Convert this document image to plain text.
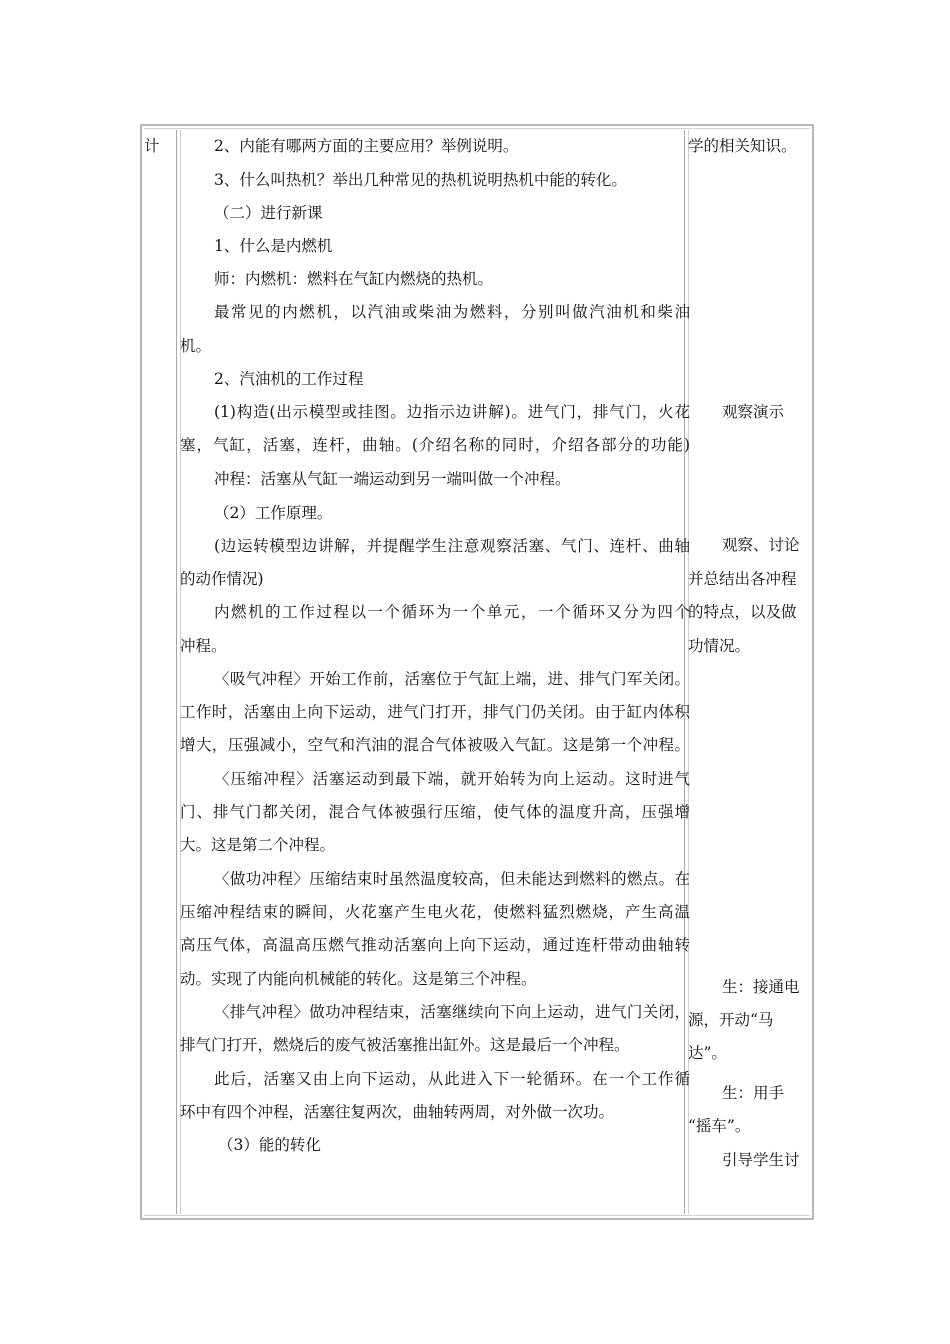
计	2、内能有哪两方面的主要应用？举例说明。
3、什么叫热机？举出几种常见的热机说明热机中能的转化。
（二）进行新课
1、什么是内燃机
师：内燃机：燃料在气缸内燃烧的热机。
最常见的内燃机，以汽油或柴油为燃料，分别叫做汽油机和柴油
机。
2、汽油机的工作过程
(1)构造(出示模型或挂图。边指示边讲解)。进气门，排气门，火花
塞，气缸，活塞，连杆，曲轴。(介绍名称的同时，介绍各部分的功能)
冲程：活塞从气缸一端运动到另一端叫做一个冲程。
（2）工作原理。
(边运转模型边讲解，并提醒学生注意观察活塞、气门、连杆、曲轴
的动作情况)
内燃机的工作过程以一个循环为一个单元，一个循环又分为四个
冲程。
〈吸气冲程〉开始工作前，活塞位于气缸上端，进、排气门军关闭。
工作时，活塞由上向下运动，进气门打开，排气门仍关闭。由于缸内体积
增大，压强减小，空气和汽油的混合气体被吸入气缸。这是第一个冲程。
〈压缩冲程〉活塞运动到最下端，就开始转为向上运动。这时进气
门、排气门都关闭，混合气体被强行压缩，使气体的温度升高，压强增
大。这是第二个冲程。
〈做功冲程〉压缩结束时虽然温度较高，但未能达到燃料的燃点。在
压缩冲程结束的瞬间，火花塞产生电火花，使燃料猛烈燃烧，产生高温
高压气体，高温高压燃气推动活塞向上向下运动，通过连杆带动曲轴转
动。实现了内能向机械能的转化。这是第三个冲程。
〈排气冲程〉做功冲程结束，活塞继续向下向上运动，进气门关闭，
排气门打开，燃烧后的废气被活塞推出缸外。这是最后一个冲程。
此后，活塞又由上向下运动，从此进入下一轮循环。在一个工作循
环中有四个冲程，活塞往复两次，曲轴转两周，对外做一次功。
（3）能的转化
学的相关知识。
观察演示
观察、讨论
并总结出各冲程
的特点，以及做
功情况。
生：接通电
源，开动“马
达”。
生：用手
“摇车”。
引导学生讨
